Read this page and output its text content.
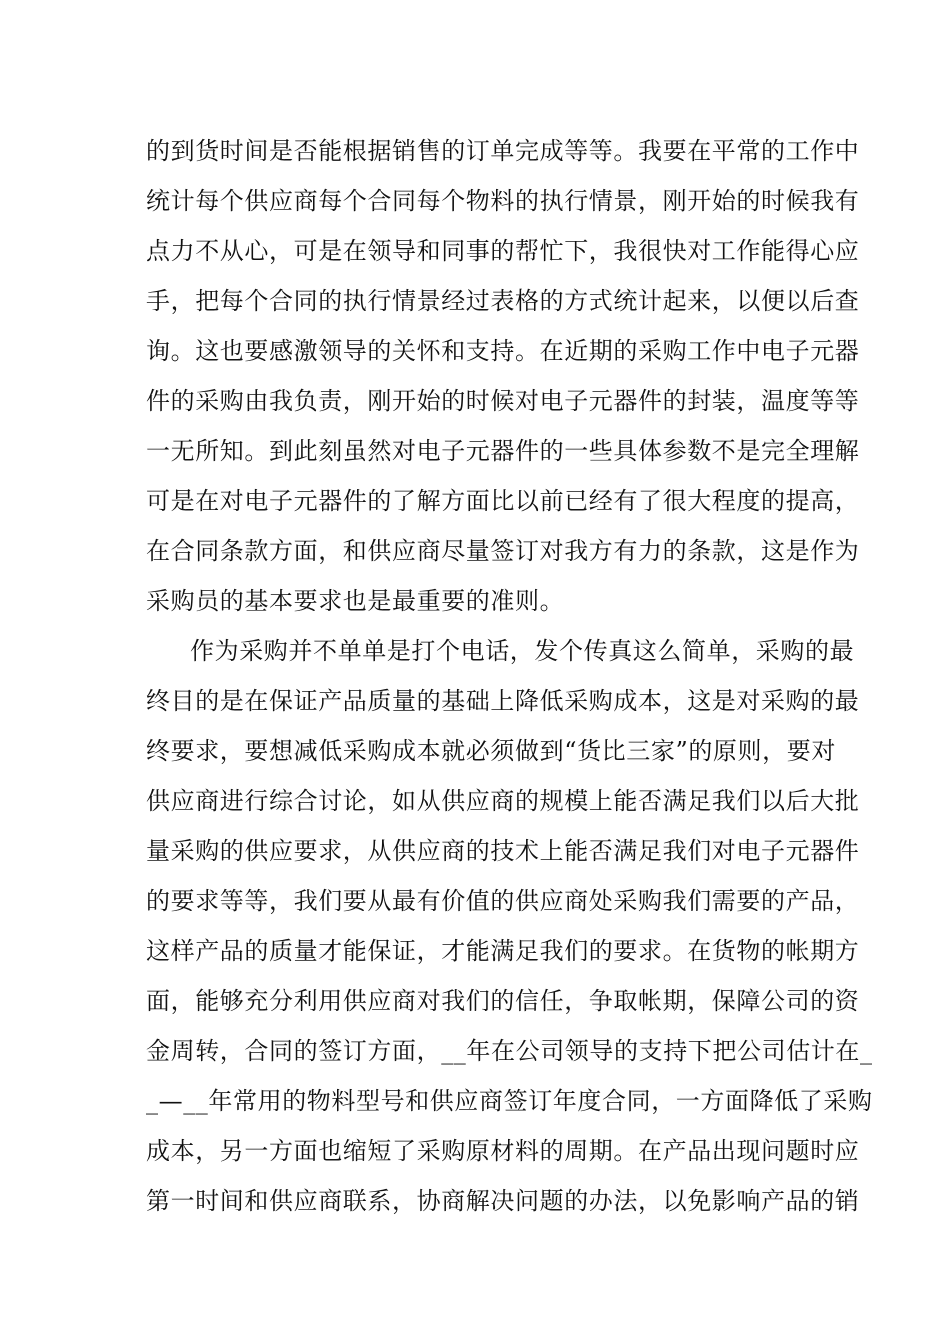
的到货时间是否能根据销售的订单完成等等。我要在平常的工作中
统计每个供应商每个合同每个物料的执行情景，刚开始的时候我有
点力不从心，可是在领导和同事的帮忙下，我很快对工作能得心应
手，把每个合同的执行情景经过表格的方式统计起来，以便以后查
询。这也要感激领导的关怀和支持。在近期的采购工作中电子元器
件的采购由我负责，刚开始的时候对电子元器件的封装，温度等等
一无所知。到此刻虽然对电子元器件的一些具体参数不是完全理解
可是在对电子元器件的了解方面比以前已经有了很大程度的提高，
在合同条款方面，和供应商尽量签订对我方有力的条款，这是作为
采购员的基本要求也是最重要的准则。
作为采购并不单单是打个电话，发个传真这么简单，采购的最
终目的是在保证产品质量的基础上降低采购成本，这是对采购的最
终要求，要想减低采购成本就必须做到“货比三家”的原则，要对
供应商进行综合讨论，如从供应商的规模上能否满足我们以后大批
量采购的供应要求，从供应商的技术上能否满足我们对电子元器件
的要求等等，我们要从最有价值的供应商处采购我们需要的产品，
这样产品的质量才能保证，才能满足我们的要求。在货物的帐期方
面，能够充分利用供应商对我们的信任，争取帐期，保障公司的资
金周转，合同的签订方面，__年在公司领导的支持下把公司估计在_
_—__年常用的物料型号和供应商签订年度合同，一方面降低了采购
成本，另一方面也缩短了采购原材料的周期。在产品出现问题时应
第一时间和供应商联系，协商解决问题的办法，以免影响产品的销
